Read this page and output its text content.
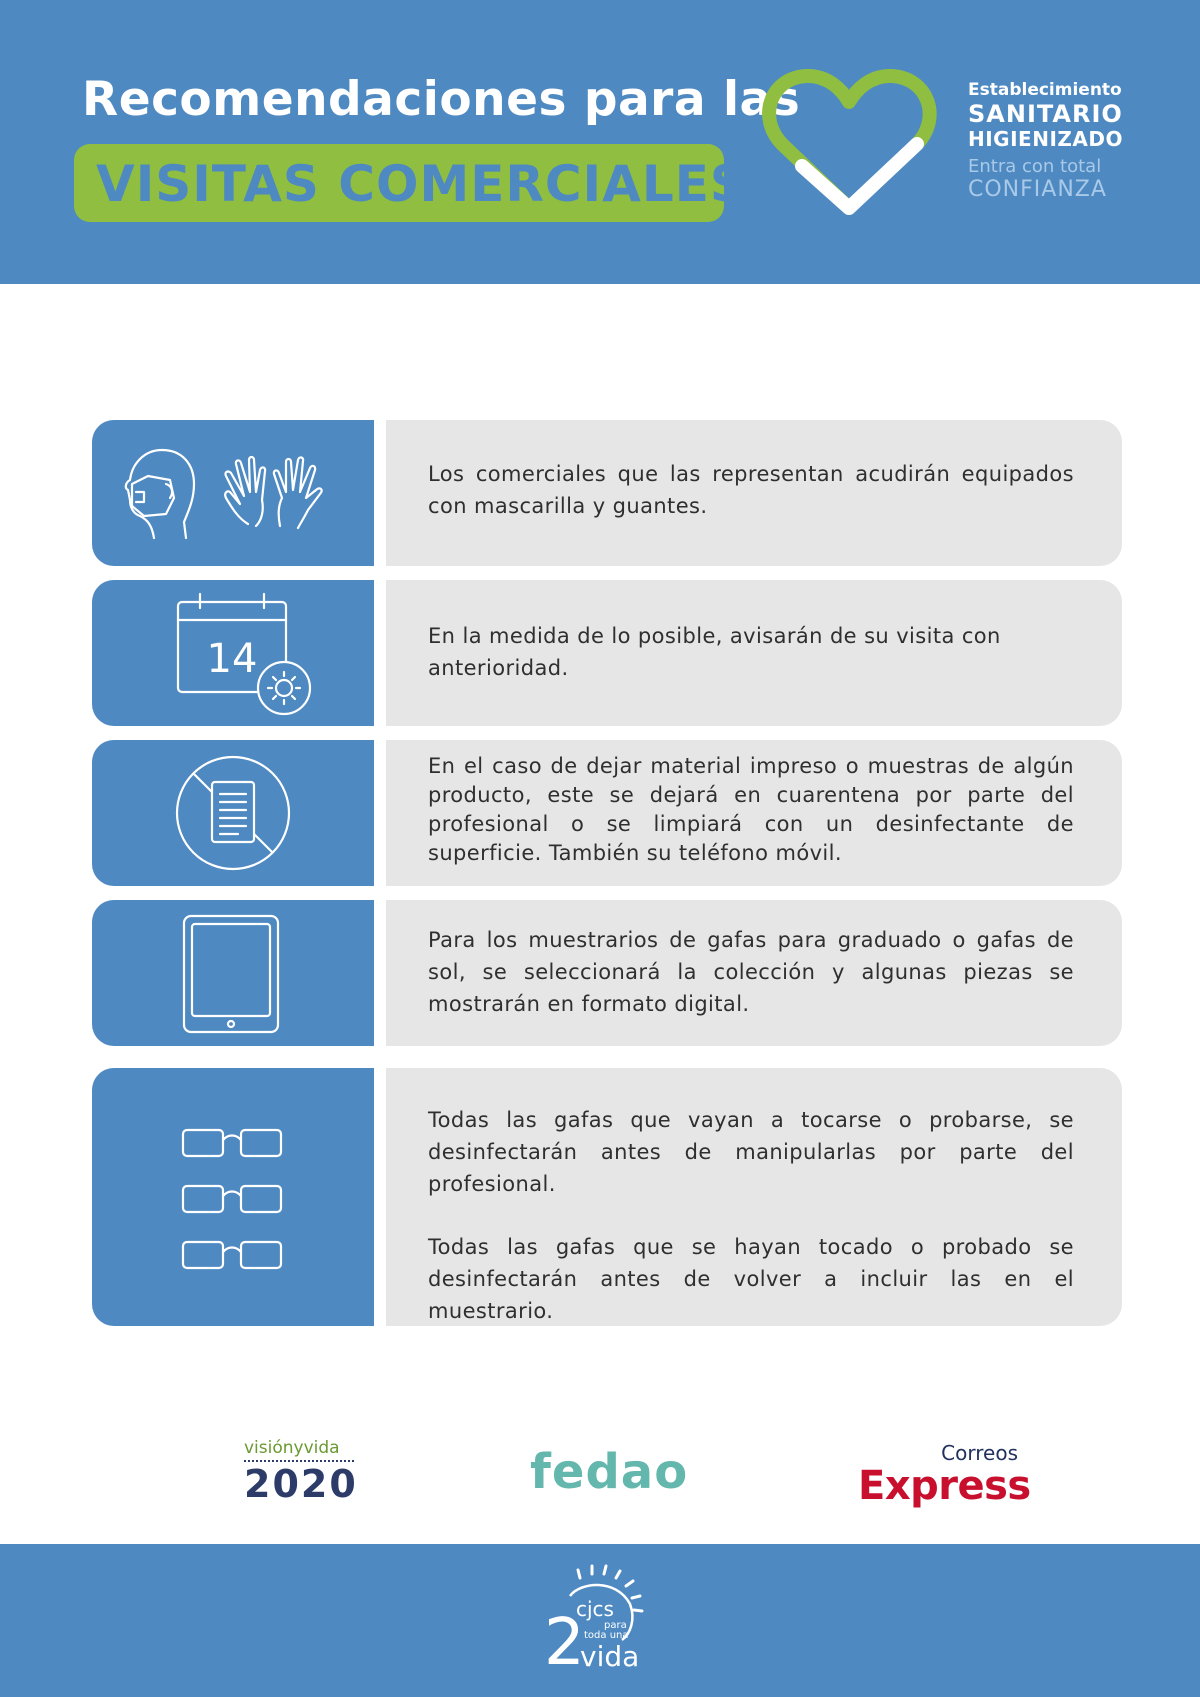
Recomendaciones para las
VISITAS COMERCIALES
Establecimiento
SANITARIO
HIGIENIZADO
Entra con total
CONFIANZA

Los comerciales que las representan acudirán equipados con mascarilla y guantes.

14	En la medida de lo posible, avisarán de su visita con anterioridad.

En el caso de dejar material impreso o muestras de algún producto, este se dejará en cuarentena por parte del profesional o se limpiará con un desinfectante de superficie. También su teléfono móvil.

Para los muestrarios de gafas para graduado o gafas de sol, se seleccionará la colección y algunas piezas se mostrarán en formato digital.

Todas las gafas que vayan a tocarse o probarse, se desinfectarán antes de manipularlas por parte del profesional.

Todas las gafas que se hayan tocado o probado se desinfectarán antes de volver a incluir las en el muestrario.

visiónyvida
2020	fedao	Correos
Express
2
cjcs
para
toda una
vida
